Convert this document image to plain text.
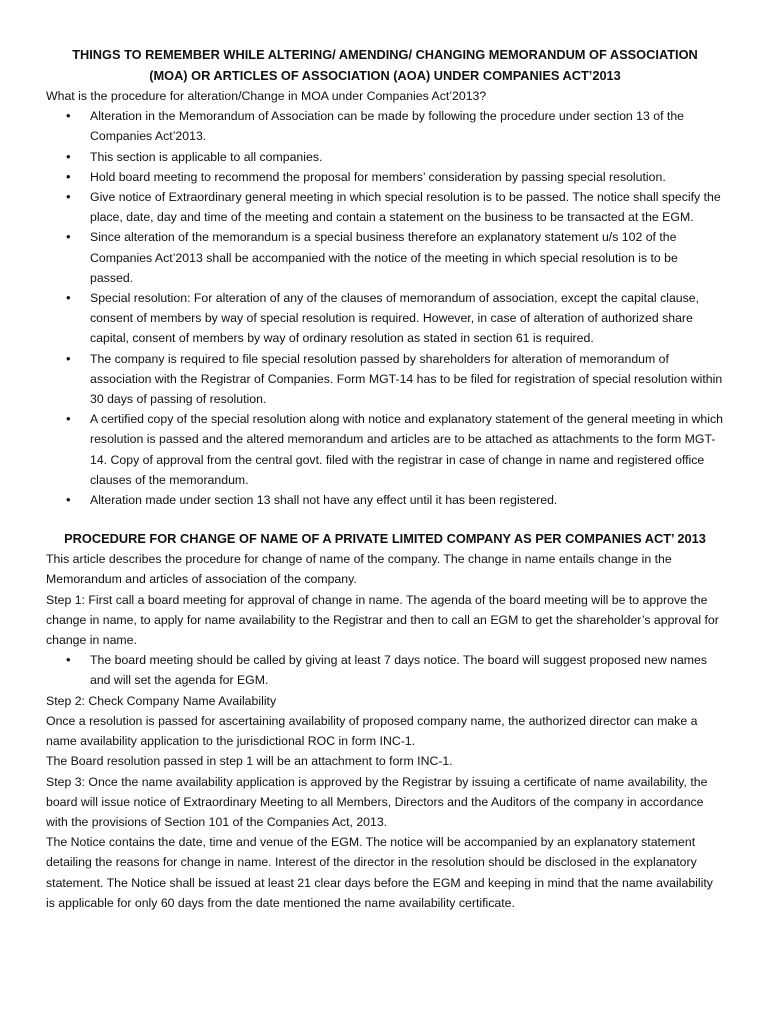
THINGS TO REMEMBER WHILE ALTERING/ AMENDING/ CHANGING MEMORANDUM OF ASSOCIATION
(MOA) OR ARTICLES OF ASSOCIATION (AOA) UNDER COMPANIES ACT’2013

What is the procedure for alteration/Change in MOA under Companies Act’2013?

• Alteration in the Memorandum of Association can be made by following the procedure under section 13 of the Companies Act’2013.
• This section is applicable to all companies.
• Hold board meeting to recommend the proposal for members’ consideration by passing special resolution.
• Give notice of Extraordinary general meeting in which special resolution is to be passed. The notice shall specify the place, date, day and time of the meeting and contain a statement on the business to be transacted at the EGM.
• Since alteration of the memorandum is a special business therefore an explanatory statement u/s 102 of the Companies Act’2013 shall be accompanied with the notice of the meeting in which special resolution is to be passed.
• Special resolution: For alteration of any of the clauses of memorandum of association, except the capital clause, consent of members by way of special resolution is required. However, in case of alteration of authorized share capital, consent of members by way of ordinary resolution as stated in section 61 is required.
• The company is required to file special resolution passed by shareholders for alteration of memorandum of association with the Registrar of Companies. Form MGT-14 has to be filed for registration of special resolution within 30 days of passing of resolution.
• A certified copy of the special resolution along with notice and explanatory statement of the general meeting in which resolution is passed and the altered memorandum and articles are to be attached as attachments to the form MGT-14. Copy of approval from the central govt. filed with the registrar in case of change in name and registered office clauses of the memorandum.
• Alteration made under section 13 shall not have any effect until it has been registered.
PROCEDURE FOR CHANGE OF NAME OF A PRIVATE LIMITED COMPANY AS PER COMPANIES ACT’ 2013

This article describes the procedure for change of name of the company. The change in name entails change in the Memorandum and articles of association of the company.

Step 1: First call a board meeting for approval of change in name. The agenda of the board meeting will be to approve the change in name, to apply for name availability to the Registrar and then to call an EGM to get the shareholder’s approval for change in name.

• The board meeting should be called by giving at least 7 days notice. The board will suggest proposed new names and will set the agenda for EGM.

Step 2: Check Company Name Availability

Once a resolution is passed for ascertaining availability of proposed company name, the authorized director can make a name availability application to the jurisdictional ROC in form INC-1.

The Board resolution passed in step 1 will be an attachment to form INC-1.

Step 3: Once the name availability application is approved by the Registrar by issuing a certificate of name availability, the board will issue notice of Extraordinary Meeting to all Members, Directors and the Auditors of the company in accordance with the provisions of Section 101 of the Companies Act, 2013.

The Notice contains the date, time and venue of the EGM. The notice will be accompanied by an explanatory statement detailing the reasons for change in name. Interest of the director in the resolution should be disclosed in the explanatory statement. The Notice shall be issued at least 21 clear days before the EGM and keeping in mind that the name availability is applicable for only 60 days from the date mentioned the name availability certificate.
